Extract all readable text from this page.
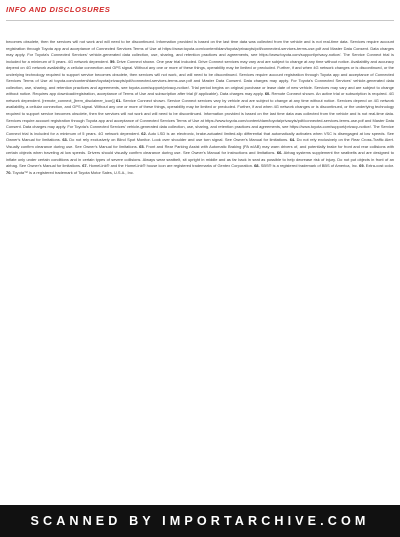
INFO AND DISCLOSURES

becomes obsolete, then the services will not work and will need to be discontinued. Information provided is based on the last time data was collected from the vehicle and is not real-time data. Services require account registration through Toyota app and acceptance of Connected Services Terms of Use at https://www.toyota.com/content/dam/toyota/privacyts/pdf/connected-services-terms-use.pdf and Master Data Consent. Data charges may apply. For Toyota's Connected Services' vehicle-generated data collection, use, sharing, and retention practices and agreements, see https://www.toyota.com/support/privacy-notice/. The Service Connect trial is included for a minimum of 5 years. 4G network dependent. 59. Drive Connect shown. One year trial included. Drive Connect services may vary and are subject to change at any time without notice. Availability and accuracy depend on 4G network availability, a cellular connection and GPS signal. Without any one or more of these things, operability may be limited or precluded. Further, if and when 4G network changes or is discontinued, or the underlying technology required to support service becomes obsolete, then services will not work, and will need to be discontinued. Services require account registration through Toyota app and acceptance of Connected Services Terms of Use at toyota.com/content/dam/toyota/privacyts/pdf/connected-services-terms-use.pdf and Master Data Consent. Data charges may apply. For Toyota's Connected Services' vehicle-generated data collection, use, sharing, and retention practices and agreements, see toyota.com/support/privacy-notice/. Trial period begins on original purchase or lease date of new vehicle. Services may vary and are subject to change without notice. Requires app download/registration, acceptance of Terms of Use and subscription after trial (if applicable). Data charges may apply. 60. Remote Connect shown. An active trial or subscription is required. 4G network dependent. [remote_connect_{trem_disclaimer_icon}] 61. Service Connect shown. Service Connect services vary by vehicle and are subject to change at any time without notice. Services depend on 4G network availability, a cellular connection, and GPS signal. Without any one or more of these things, operability may be limited or precluded. Further, if and when 4G network changes or is discontinued, or the underlying technology required to support service becomes obsolete, then the services will not work and will need to be discontinued. Information provided is based on the last time data was collected from the vehicle and is not real-time data. Services require account registration through Toyota app and acceptance of Connected Services Terms of Use at https://www.toyota.com/content/dam/toyota/privacyts/pdf/connected-services-terms-use.pdf and Master Data Consent. Data charges may apply. For Toyota's Connected Services' vehicle-generated data collection, use, sharing, and retention practices and agreements, see https://www.toyota.com/support/privacy-notice/. The Service Connect trial is included for a minimum of 5 years. 4G network dependent. 62. Auto LSD is an electronic, brake-actuated limited-slip differential that automatically activates when VSC is disengaged at low speeds. See Owner's Manual for limitations. 63. Do not rely exclusively on Blind Spot Monitor. Look over shoulder and use turn signal. See Owner's Manual for limitations. 64. Do not rely exclusively on the Rear Cross-Traffic Alert. Visually confirm clearance during use. See Owner's Manual for limitations. 65. Front and Rear Parking Assist with Automatic Braking (PA w/AB) may warn drivers of, and potentially brake for front and rear collisions with certain objects when traveling at low speeds. Drivers should visually confirm clearance during use. See Owner's Manual for instructions and limitations. 66. Airbag systems supplement the seatbelts and are designed to inflate only under certain conditions and in certain types of severe collisions. Always wear seatbelt, sit upright in middle and as far back in seat as possible to help decrease risk of injury. Do not put objects in front of an airbag. See Owner's Manual for limitations. 67. HomeLink® and the HomeLink® house icon are registered trademarks of Gentex Corporation. 68. SBS® is a registered trademark of BBS of America, Inc. 69. Extra-cost color. 70. Toyota™ is a registered trademark of Toyota Motor Sales, U.S.A., Inc.

SCANNED BY IMPORTARCHIVE.COM
